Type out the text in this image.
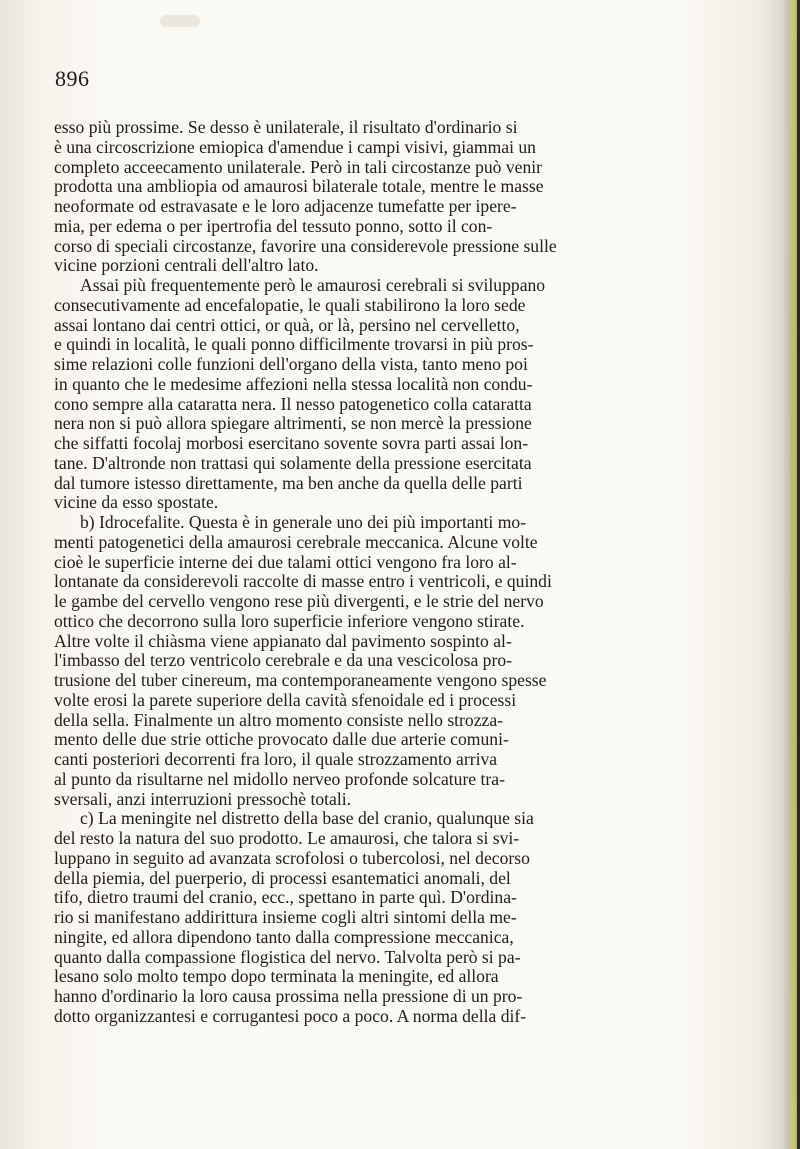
896
esso più prossime. Se desso è unilaterale, il risultato d'ordinario si
è una circoscrizione emiopica d'amendue i campi visivi, giammai un
completo acceecamento unilaterale. Però in tali circostanze può venir
prodotta una ambliopia od amaurosi bilaterale totale, mentre le masse
neoformate od estravasate e le loro adjacenze tumefatte per ipere-
mia, per edema o per ipertrofia del tessuto ponno, sotto il con-
corso di speciali circostanze, favorire una considerevole pressione sulle
vicine porzioni centrali dell'altro lato.
Assai più frequentemente però le amaurosi cerebrali si sviluppano
consecutivamente ad encefalopatie, le quali stabilirono la loro sede
assai lontano dai centri ottici, or quà, or là, persino nel cervelletto,
e quindi in località, le quali ponno difficilmente trovarsi in più pros-
sime relazioni colle funzioni dell'organo della vista, tanto meno poi
in quanto che le medesime affezioni nella stessa località non condu-
cono sempre alla cataratta nera. Il nesso patogenetico colla cataratta
nera non si può allora spiegare altrimenti, se non mercè la pressione
che siffatti focolaj morbosi esercitano sovente sovra parti assai lon-
tane. D'altronde non trattasi qui solamente della pressione esercitata
dal tumore istesso direttamente, ma ben anche da quella delle parti
vicine da esso spostate.
b) Idrocefalite. Questa è in generale uno dei più importanti mo-
menti patogenetici della amaurosi cerebrale meccanica. Alcune volte
cioè le superficie interne dei due talami ottici vengono fra loro al-
lontanate da considerevoli raccolte di masse entro i ventricoli, e quindi
le gambe del cervello vengono rese più divergenti, e le strie del nervo
ottico che decorrono sulla loro superficie inferiore vengono stirate.
Altre volte il chiàsma viene appianato dal pavimento sospinto al-
l'imbasso del terzo ventricolo cerebrale e da una vescicolosa pro-
trusione del tuber cinereum, ma contemporaneamente vengono spesse
volte erosi la parete superiore della cavità sfenoidale ed i processi
della sella. Finalmente un altro momento consiste nello strozza-
mento delle due strie ottiche provocato dalle due arterie comuni-
canti posteriori decorrenti fra loro, il quale strozzamento arriva
al punto da risultarne nel midollo nerveo profonde solcature tra-
sversali, anzi interruzioni pressochè totali.
c) La meningite nel distretto della base del cranio, qualunque sia
del resto la natura del suo prodotto. Le amaurosi, che talora si svi-
luppano in seguito ad avanzata scrofolosi o tubercolosi, nel decorso
della piemia, del puerperio, di processi esantematici anomali, del
tifo, dietro traumi del cranio, ecc., spettano in parte quì. D'ordina-
rio si manifestano addirittura insieme cogli altri sintomi della me-
ningite, ed allora dipendono tanto dalla compressione meccanica,
quanto dalla compassione flogistica del nervo. Talvolta però si pa-
lesano solo molto tempo dopo terminata la meningite, ed allora
hanno d'ordinario la loro causa prossima nella pressione di un pro-
dotto organizzantesi e corrugantesi poco a poco. A norma della dif-
